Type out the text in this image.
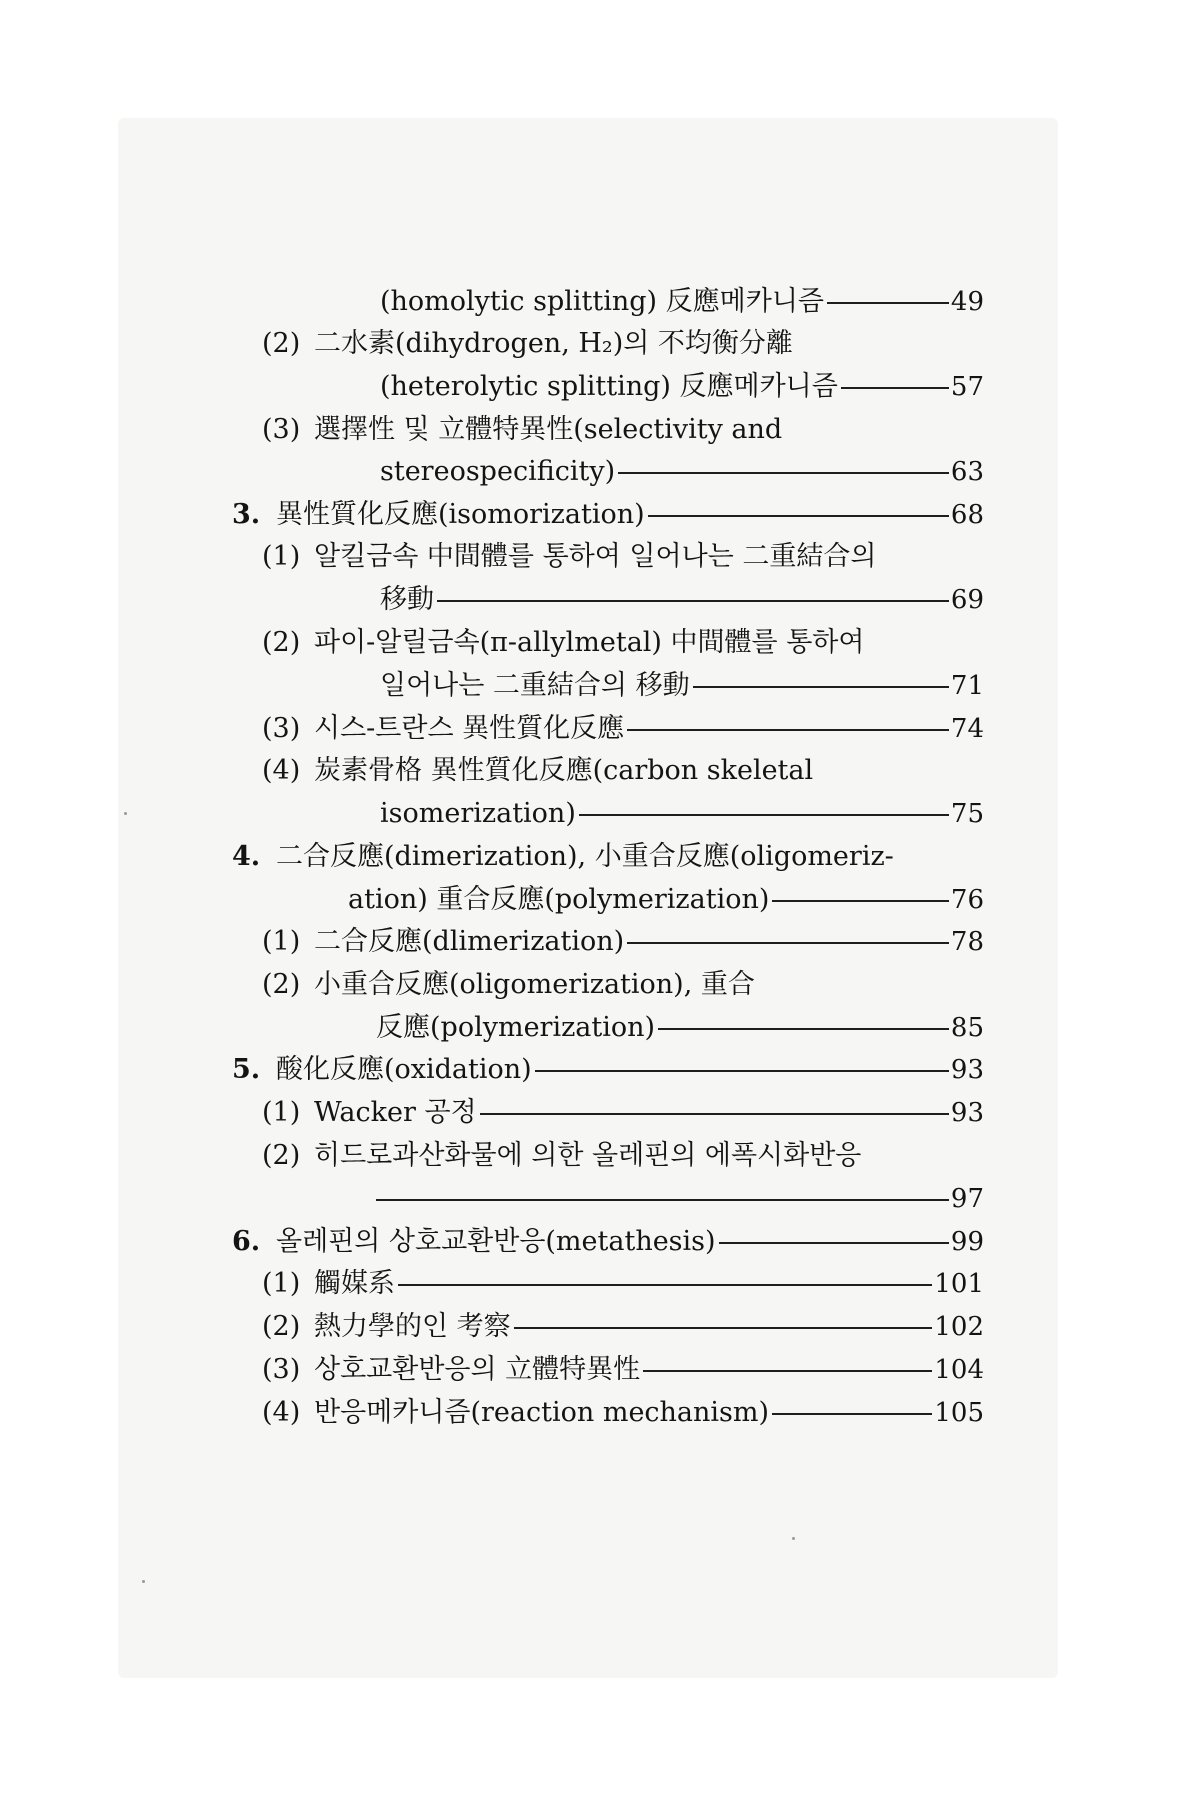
(homolytic splitting) 反應메카니즘	49
(2) 二水素(dihydrogen, H₂)의 不均衡分離
(heterolytic splitting) 反應메카니즘	57
(3) 選擇性 및 立體特異性(selectivity and
stereospecificity)	63
3. 異性質化反應(isomorization)	68
(1) 알킬금속 中間體를 통하여 일어나는 二重結合의
移動	69
(2) 파이-알릴금속(π-allylmetal) 中間體를 통하여
일어나는 二重結合의 移動	71
(3) 시스-트란스 異性質化反應	74
(4) 炭素骨格 異性質化反應(carbon skeletal
isomerization)	75
4. 二合反應(dimerization), 小重合反應(oligomeriz-
ation) 重合反應(polymerization)	76
(1) 二合反應(dlimerization)	78
(2) 小重合反應(oligomerization), 重合
反應(polymerization)	85
5. 酸化反應(oxidation)	93
(1) Wacker 공정	93
(2) 히드로과산화물에 의한 올레핀의 에폭시화반응
97
6. 올레핀의 상호교환반응(metathesis)	99
(1) 觸媒系	101
(2) 熱力學的인 考察	102
(3) 상호교환반응의 立體特異性	104
(4) 반응메카니즘(reaction mechanism)	105
